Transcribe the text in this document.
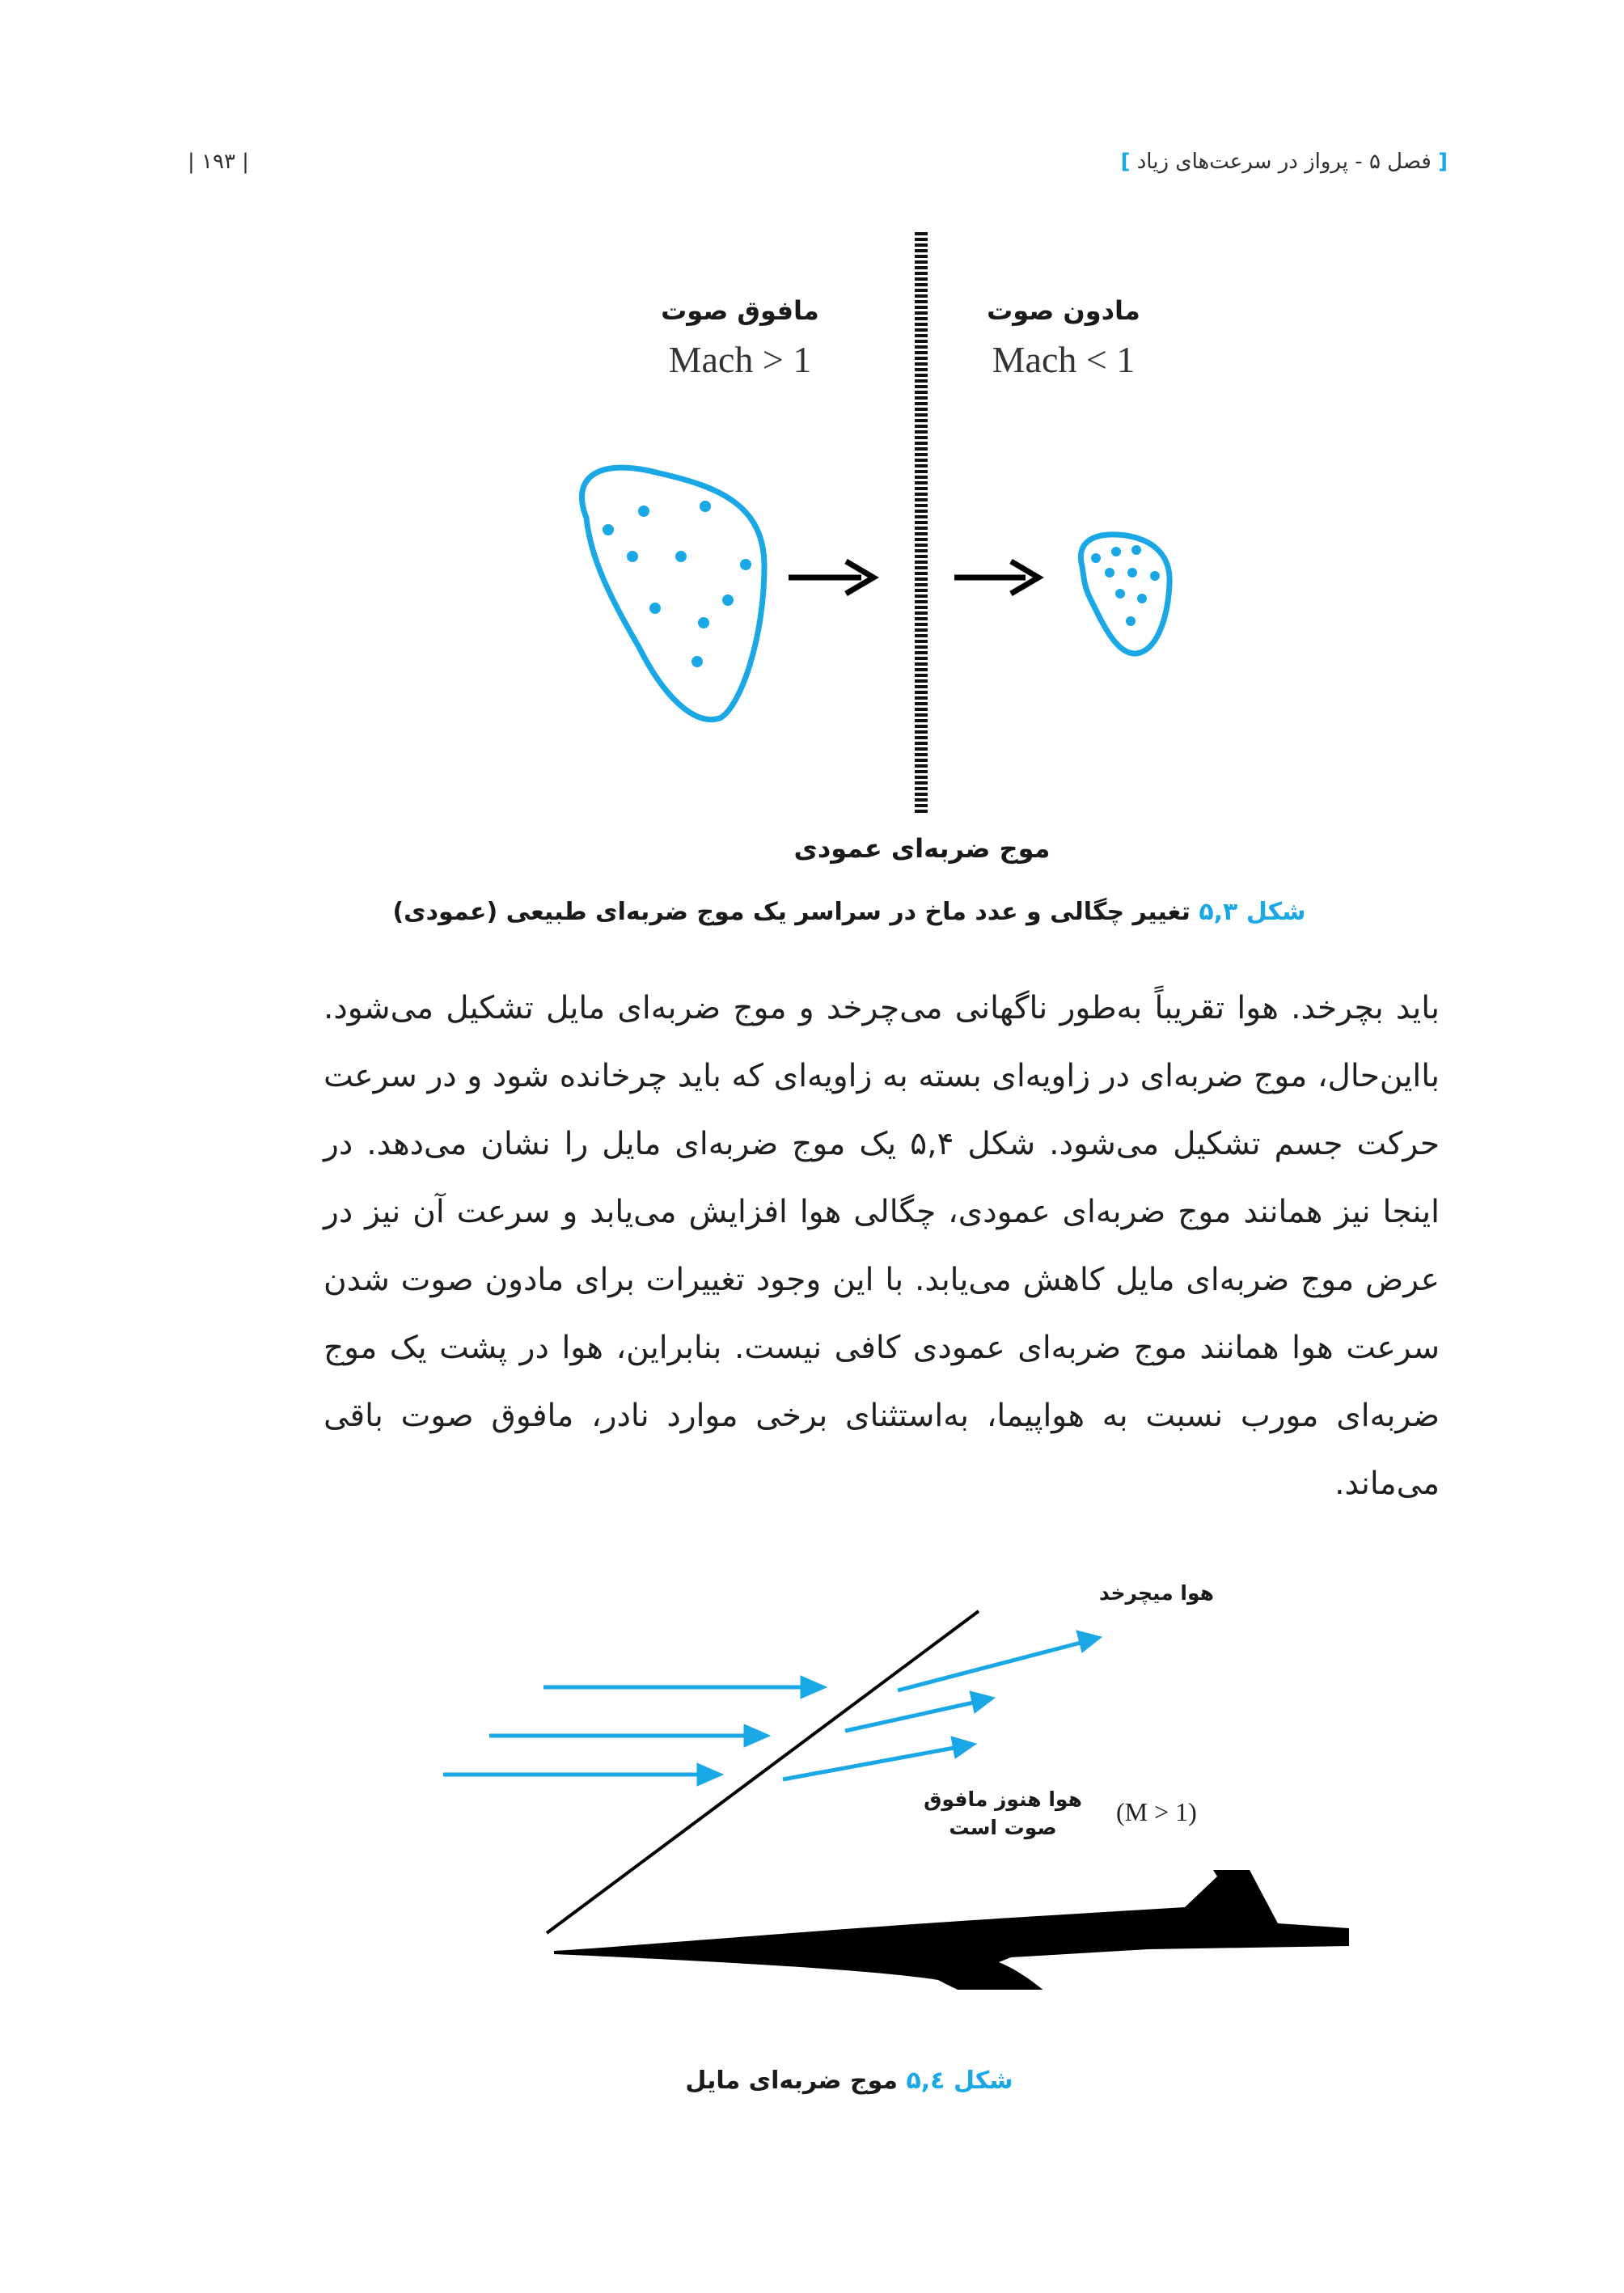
[ فصل ۵ - پرواز در سرعت‌های زیاد ]
| ۱۹۳ |
مافوق صوت
Mach > 1
مادون صوت
Mach < 1
موج ضربه‌ای عمودی
شکل ۵,۳ تغییر چگالی و عدد ماخ در سراسر یک موج ضربه‌ای طبیعی (عمودی)
باید بچرخد. هوا تقریباً به‌طور ناگهانی می‌چرخد و موج ضربه‌ای مایل تشکیل می‌شود. بااین‌حال، موج ضربه‌ای در زاویه‌ای بسته به زاویه‌ای که باید چرخانده شود و در سرعت حرکت جسم تشکیل می‌شود. شکل ۵,۴ یک موج ضربه‌ای مایل را نشان می‌دهد. در اینجا نیز همانند موج ضربه‌ای عمودی، چگالی هوا افزایش می‌یابد و سرعت آن نیز در عرض موج ضربه‌ای مایل کاهش می‌یابد. با این وجود تغییرات برای مادون صوت شدن سرعت هوا همانند موج ضربه‌ای عمودی کافی نیست. بنابراین، هوا در پشت یک موج ضربه‌ای مورب نسبت به هواپیما، به‌استثنای برخی موارد نادر، مافوق صوت باقی می‌ماند.
هوا میچرخد
هوا هنوز مافوق
صوت است
(M > 1)
شکل ۵,٤ موج ضربه‌ای مایل
